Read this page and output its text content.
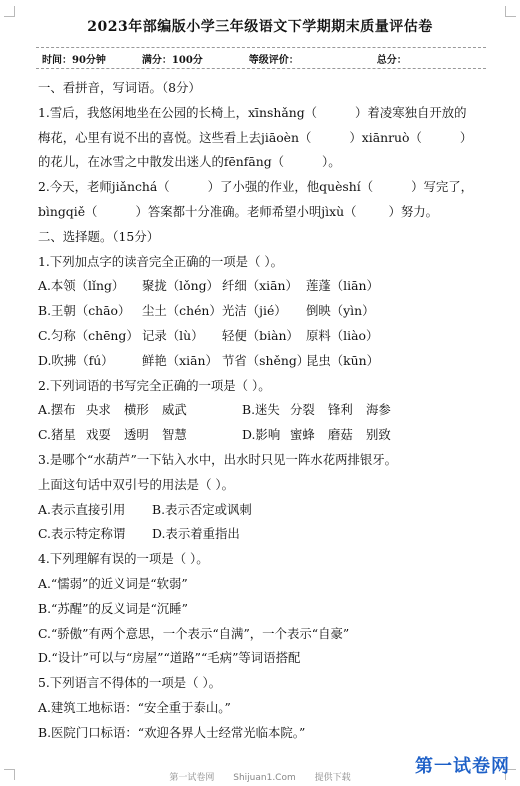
2023年部编版小学三年级语文下学期期末质量评估卷
时间：90分钟	满分：100分	等级评价：	总分：
一、看拼音，写词语。（8分）
1.雪后，我悠闲地坐在公园的长椅上，xīnshǎng（	）着凌寒独自开放的
梅花，心里有说不出的喜悦。这些看上去jiāoèn（	）xiānruò（	）
的花儿，在冰雪之中散发出迷人的fēnfāng（	）。
2.今天，老师jiǎnchá（	）了小强的作业，他quèshí（	）写完了，
bìngqiě（	）答案都十分准确。老师希望小明jìxù（	）努力。
二、选择题。（15分）
1.下列加点字的读音完全正确的一项是（ ）。
A.本领（lǐng） 聚拢（lǒng） 纤细（xiān） 莲蓬（liān）
B.王朝（chāo） 尘土（chén）光洁（jié） 倒映（yìn）
C.匀称（chēng） 记录（lù） 轻便（biàn） 原料（liào）
D.吹拂（fú） 鲜艳（xiān） 节省（shěng）昆虫（kūn）
2.下列词语的书写完全正确的一项是（ ）。
A.摆布 央求 横形 威武	B.迷失 分裂 锋利 海参
C.猪星 戏耍 透明 智慧	D.影响 蜜蜂 磨菇 别致
3.是哪个“水葫芦”一下钻入水中，出水时只见一阵水花两排银牙。
上面这句话中双引号的用法是（ ）。
A.表示直接引用 B.表示否定或讽刺
C.表示特定称谓 D.表示着重指出
4.下列理解有误的一项是（ ）。
A.“懦弱”的近义词是“软弱”
B.“苏醒”的反义词是“沉睡”
C.“骄傲”有两个意思，一个表示“自满”，一个表示“自豪”
D.“设计”可以与“房屋”“道路”“毛病”等词语搭配
5.下列语言不得体的一项是（ ）。
A.建筑工地标语：“安全重于泰山。”
B.医院门口标语：“欢迎各界人士经常光临本院。”
第一试卷网 Shijuan1.Com 提供下载
第一试卷网
